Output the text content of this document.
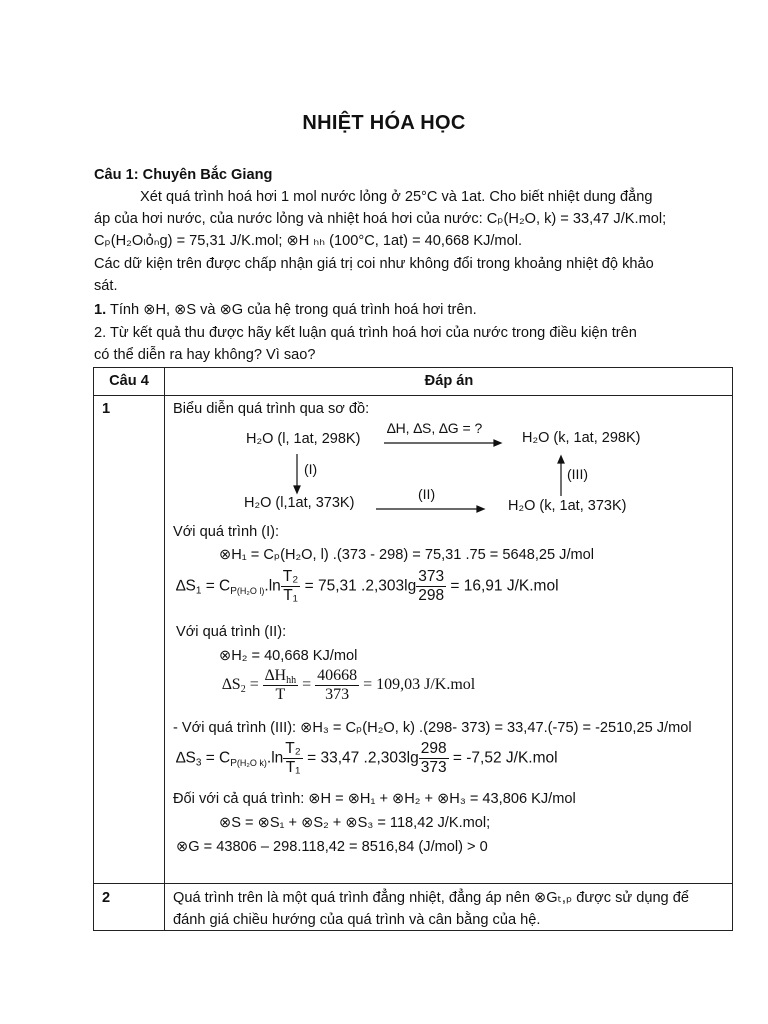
NHIỆT HÓA HỌC
Câu 1: Chuyên Bắc Giang
Xét quá trình hoá hơi 1 mol nước lỏng ở 25°C và 1at. Cho biết nhiệt dung đẳng
áp của hơi nước, của nước lỏng và nhiệt hoá hơi của nước: Cₚ(H₂O, k) = 33,47 J/K.mol;
Cₚ(H₂Oₗỏₙg) = 75,31 J/K.mol; ⊗H ₕₕ (100°C, 1at) = 40,668 KJ/mol.
Các dữ kiện trên được chấp nhận giá trị coi như không đổi trong khoảng nhiệt độ khảo
sát.
1. Tính ⊗H, ⊗S và ⊗G của hệ trong quá trình hoá hơi trên.
2. Từ kết quả thu được hãy kết luận quá trình hoá hơi của nước trong điều kiện trên
có thể diễn ra hay không? Vì sao?
Câu 4	Đáp án
1	Biểu diễn quá trình qua sơ đồ:
H₂O (l, 1at, 298K)	H₂O (k, 1at, 298K)
H₂O (l,1at, 373K)	H₂O (k, 1at, 373K)
∆H, ∆S, ∆G = ?
(I)
(II)
(III)
Với quá trình (I):
⊗H₁ = Cₚ(H₂O, l) .(373 - 298) = 75,31 .75 = 5648,25 J/mol
$\Delta S_1 = C_{P(H_2O l)}.\ln \frac{\text{T₂}}{\text{T₁}} = 75,31$ $.2,303\lg \frac{373}{298} = 16,91$ J/K.mol
Với quá trình (II):
⊗H₂ = 40,668 KJ/mol
$\Delta S_2 = \frac{\Delta H_{hh}}{T} = \frac{40668}{373} = 109,03$ J/K.mol
- Với quá trình (III): ⊗H₃ = Cₚ(H₂O, k) .(298- 373) = 33,47.(-75) = -2510,25 J/mol
$\Delta S_3 = C_{P(H_2O k)}.\ln \frac{\text{T₂}}{\text{T₁}} = 33,47$ $.2,303\lg \frac{298}{373} = -7,52$ J/K.mol
Đối với cả quá trình: ⊗H = ⊗H₁ + ⊗H₂ + ⊗H₃ = 43,806 KJ/mol
⊗S = ⊗S₁ + ⊗S₂ + ⊗S₃ = 118,42 J/K.mol;
⊗G = 43806 – 298.118,42 = 8516,84 (J/mol) > 0
2	Quá trình trên là một quá trình đẳng nhiệt, đẳng áp nên ⊗Gₜ,ₚ được sử dụng để
đánh giá chiều hướng của quá trình và cân bằng của hệ.
